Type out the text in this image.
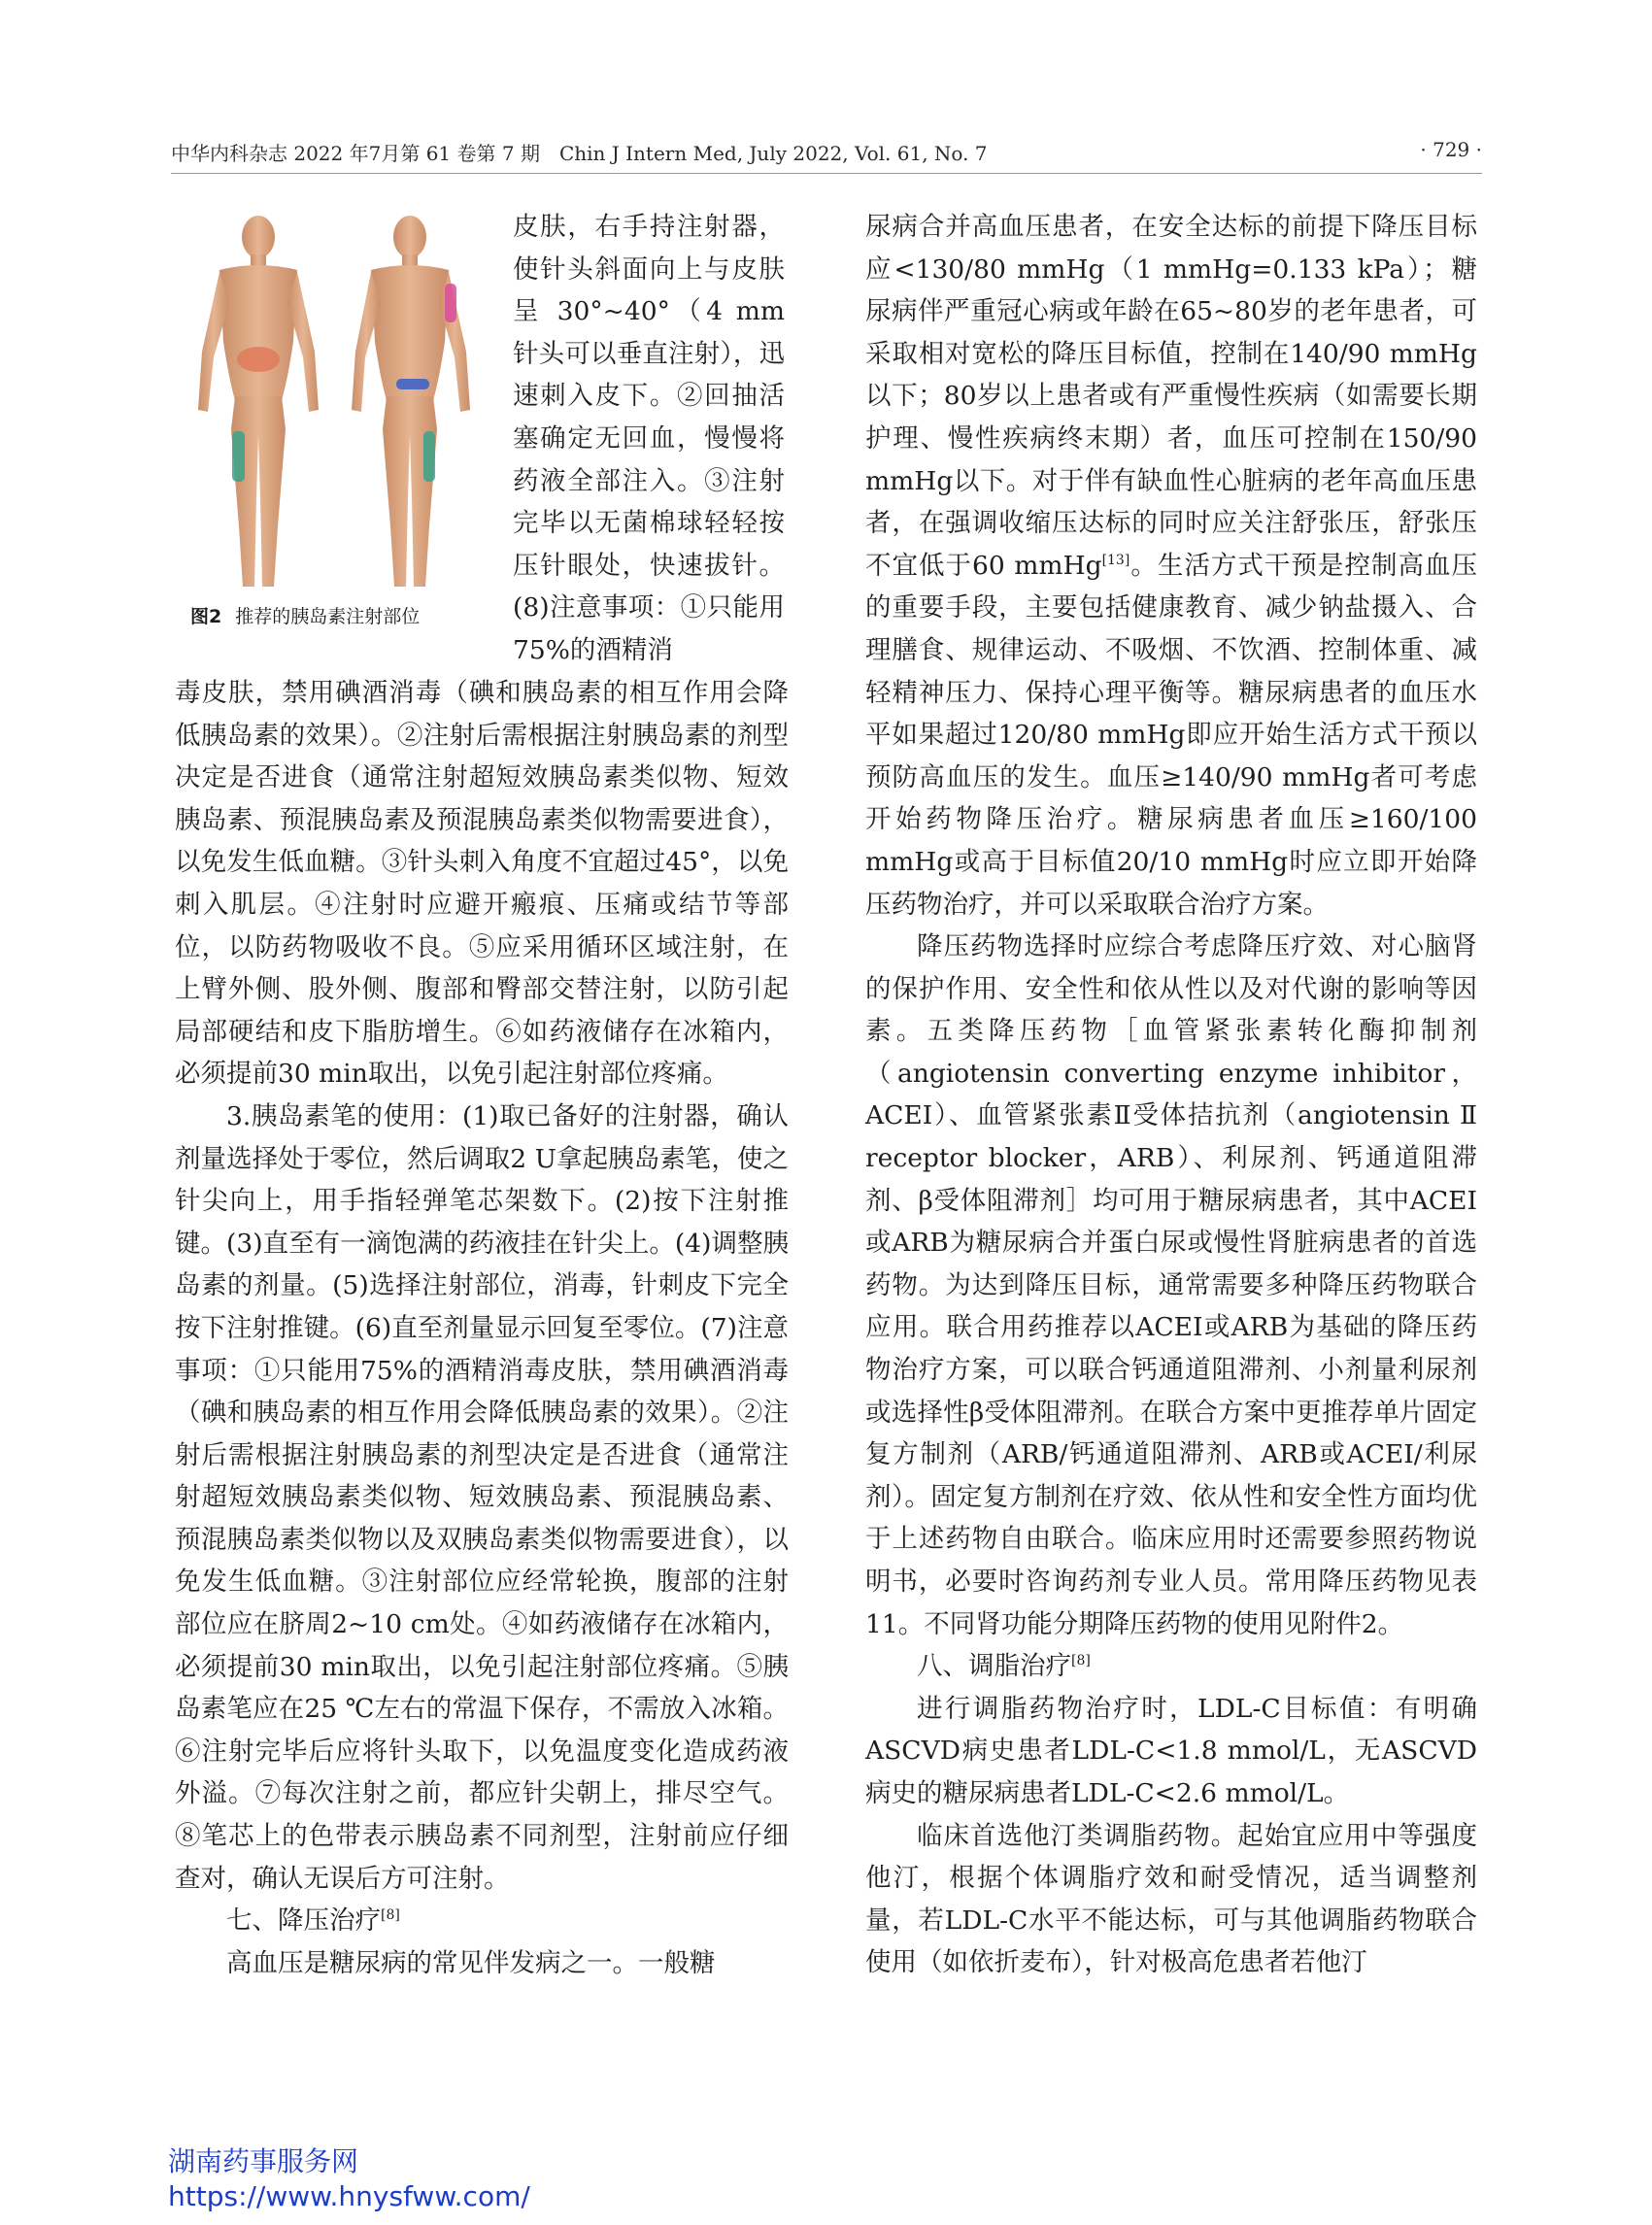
中华内科杂志 2022 年7月第 61 卷第 7 期　Chin J Intern Med, July 2022, Vol. 61, No. 7	· 729 ·
图2 推荐的胰岛素注射部位

皮肤，右手持注射器，使针头斜面向上与皮肤呈 30°~40°（4 mm 针头可以垂直注射），迅速刺入皮下。②回抽活塞确定无回血，慢慢将药液全部注入。③注射完毕以无菌棉球轻轻按压针眼处，快速拔针。(8)注意事项：①只能用75%的酒精消

毒皮肤，禁用碘酒消毒（碘和胰岛素的相互作用会降低胰岛素的效果）。②注射后需根据注射胰岛素的剂型决定是否进食（通常注射超短效胰岛素类似物、短效胰岛素、预混胰岛素及预混胰岛素类似物需要进食），以免发生低血糖。③针头刺入角度不宜超过45°，以免刺入肌层。④注射时应避开瘢痕、压痛或结节等部位，以防药物吸收不良。⑤应采用循环区域注射，在上臂外侧、股外侧、腹部和臀部交替注射，以防引起局部硬结和皮下脂肪增生。⑥如药液储存在冰箱内，必须提前30 min取出，以免引起注射部位疼痛。

3.胰岛素笔的使用：(1)取已备好的注射器，确认剂量选择处于零位，然后调取2 U拿起胰岛素笔，使之针尖向上，用手指轻弹笔芯架数下。(2)按下注射推键。(3)直至有一滴饱满的药液挂在针尖上。(4)调整胰岛素的剂量。(5)选择注射部位，消毒，针刺皮下完全按下注射推键。(6)直至剂量显示回复至零位。(7)注意事项：①只能用75%的酒精消毒皮肤，禁用碘酒消毒（碘和胰岛素的相互作用会降低胰岛素的效果）。②注射后需根据注射胰岛素的剂型决定是否进食（通常注射超短效胰岛素类似物、短效胰岛素、预混胰岛素、预混胰岛素类似物以及双胰岛素类似物需要进食），以免发生低血糖。③注射部位应经常轮换，腹部的注射部位应在脐周2~10 cm处。④如药液储存在冰箱内，必须提前30 min取出，以免引起注射部位疼痛。⑤胰岛素笔应在25 ℃左右的常温下保存，不需放入冰箱。⑥注射完毕后应将针头取下，以免温度变化造成药液外溢。⑦每次注射之前，都应针尖朝上，排尽空气。⑧笔芯上的色带表示胰岛素不同剂型，注射前应仔细查对，确认无误后方可注射。

七、降压治疗[8]

高血压是糖尿病的常见伴发病之一。一般糖

尿病合并高血压患者，在安全达标的前提下降压目标应<130/80 mmHg（1 mmHg=0.133 kPa）；糖尿病伴严重冠心病或年龄在65~80岁的老年患者，可采取相对宽松的降压目标值，控制在140/90 mmHg以下；80岁以上患者或有严重慢性疾病（如需要长期护理、慢性疾病终末期）者，血压可控制在150/90 mmHg以下。对于伴有缺血性心脏病的老年高血压患者，在强调收缩压达标的同时应关注舒张压，舒张压不宜低于60 mmHg[13]。生活方式干预是控制高血压的重要手段，主要包括健康教育、减少钠盐摄入、合理膳食、规律运动、不吸烟、不饮酒、控制体重、减轻精神压力、保持心理平衡等。糖尿病患者的血压水平如果超过120/80 mmHg即应开始生活方式干预以预防高血压的发生。血压≥140/90 mmHg者可考虑开始药物降压治疗。糖尿病患者血压≥160/100 mmHg或高于目标值20/10 mmHg时应立即开始降压药物治疗，并可以采取联合治疗方案。

降压药物选择时应综合考虑降压疗效、对心脑肾的保护作用、安全性和依从性以及对代谢的影响等因素。五类降压药物［血管紧张素转化酶抑制剂（angiotensin converting enzyme inhibitor，ACEI）、血管紧张素Ⅱ受体拮抗剂（angiotensin Ⅱ receptor blocker，ARB）、利尿剂、钙通道阻滞剂、β受体阻滞剂］均可用于糖尿病患者，其中ACEI或ARB为糖尿病合并蛋白尿或慢性肾脏病患者的首选药物。为达到降压目标，通常需要多种降压药物联合应用。联合用药推荐以ACEI或ARB为基础的降压药物治疗方案，可以联合钙通道阻滞剂、小剂量利尿剂或选择性β受体阻滞剂。在联合方案中更推荐单片固定复方制剂（ARB/钙通道阻滞剂、ARB或ACEI/利尿剂）。固定复方制剂在疗效、依从性和安全性方面均优于上述药物自由联合。临床应用时还需要参照药物说明书，必要时咨询药剂专业人员。常用降压药物见表11。不同肾功能分期降压药物的使用见附件2。

八、调脂治疗[8]

进行调脂药物治疗时，LDL-C目标值：有明确ASCVD病史患者LDL-C<1.8 mmol/L，无ASCVD病史的糖尿病患者LDL-C<2.6 mmol/L。

临床首选他汀类调脂药物。起始宜应用中等强度他汀，根据个体调脂疗效和耐受情况，适当调整剂量，若LDL-C水平不能达标，可与其他调脂药物联合使用（如依折麦布），针对极高危患者若他汀

湖南药事服务网
https://www.hnysfww.com/
